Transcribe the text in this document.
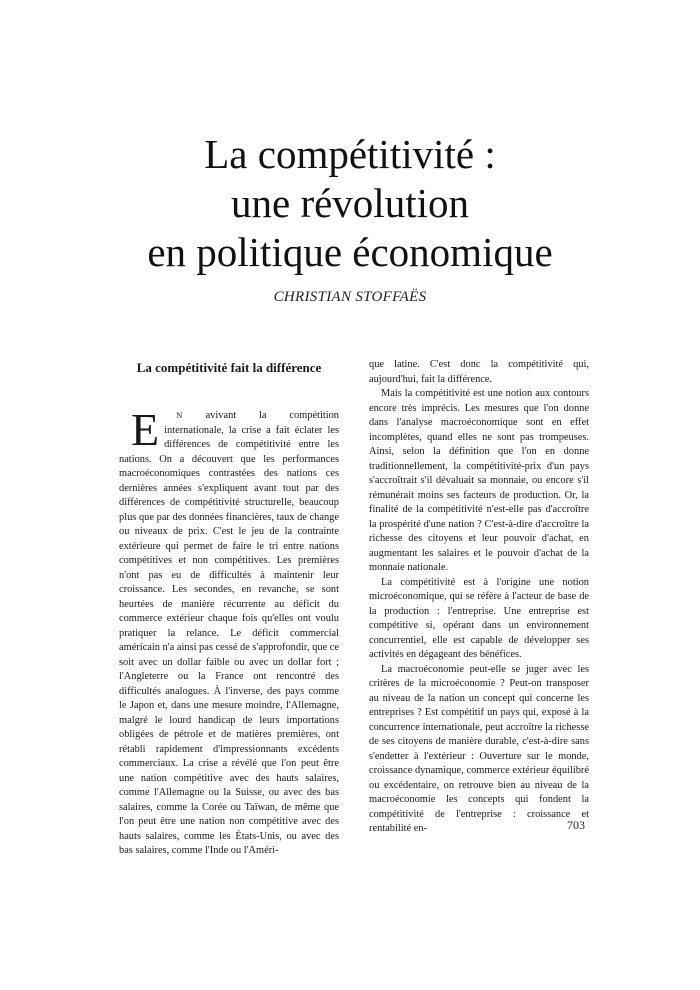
La compétitivité :
une révolution
en politique économique
CHRISTIAN STOFFAËS
La compétitivité fait la différence

E N avivant la compétition internationale, la crise a fait éclater les différences de compétitivité entre les nations. On a découvert que les performances macroéconomiques contrastées des nations ces dernières années s'expliquent avant tout par des différences de compétitivité structurelle, beaucoup plus que par des données financières, taux de change ou niveaux de prix. C'est le jeu de la contrainte extérieure qui permet de faire le tri entre nations compétitives et non compétitives. Les premières n'ont pas eu de difficultés à maintenir leur croissance. Les secondes, en revanche, se sont heurtées de manière récurrente au déficit du commerce extérieur chaque fois qu'elles ont voulu pratiquer la relance. Le déficit commercial américain n'a ainsi pas cessé de s'approfondir, que ce soit avec un dollar faible ou avec un dollar fort ; l'Angleterre ou la France ont rencontré des difficultés analogues. À l'inverse, des pays comme le Japon et, dans une mesure moindre, l'Allemagne, malgré le lourd handicap de leurs importations obligées de pétrole et de matières premières, ont rétabli rapidement d'impressionnants excédents commerciaux. La crise a révélé que l'on peut être une nation compétitive avec des hauts salaires, comme l'Allemagne ou la Suisse, ou avec des bas salaires, comme la Corée ou Taïwan, de même que l'on peut être une nation non compétitive avec des hauts salaires, comme les États-Unis, ou avec des bas salaires, comme l'Inde ou l'Améri-

que latine. C'est donc la compétitivité qui, aujourd'hui, fait la différence.

Mais la compétitivité est une notion aux contours encore très imprécis. Les mesures que l'on donne dans l'analyse macroéconomique sont en effet incomplètes, quand elles ne sont pas trompeuses. Ainsi, selon la définition que l'on en donne traditionnellement, la compétitivité-prix d'un pays s'accroîtrait s'il dévaluait sa monnaie, ou encore s'il rémunérait moins ses facteurs de production. Or, la finalité de la compétitivité n'est-elle pas d'accroître la prospérité d'une nation ? C'est-à-dire d'accroître la richesse des citoyens et leur pouvoir d'achat, en augmentant les salaires et le pouvoir d'achat de la monnaie nationale.

La compétitivité est à l'origine une notion microéconomique, qui se réfère à l'acteur de base de la production : l'entreprise. Une entreprise est compétitive si, opérant dans un environnement concurrentiel, elle est capable de développer ses activités en dégageant des bénéfices.

La macroéconomie peut-elle se juger avec les critères de la microéconomie ? Peut-on transposer au niveau de la nation un concept qui concerne les entreprises ? Est compétitif un pays qui, exposé à la concurrence internationale, peut accroître la richesse de ses citoyens de manière durable, c'est-à-dire sans s'endetter à l'extérieur : Ouverture sur le monde, croissance dynamique, commerce extérieur équilibré ou excédentaire, on retrouve bien au niveau de la macroéconomie les concepts qui fondent la compétitivité de l'entreprise : croissance et rentabilité en-	703
